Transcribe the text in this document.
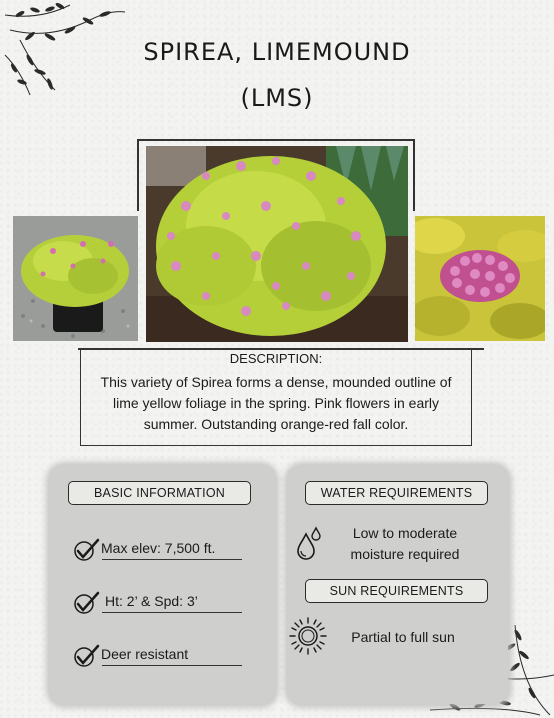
SPIREA, LIMEMOUND
(LMS)
DESCRIPTION:
This variety of Spirea forms a dense, mounded outline of lime yellow foliage in the spring. Pink flowers in early summer. Outstanding orange-red fall color.
BASIC INFORMATION
Max elev: 7,500 ft.
Ht: 2’ & Spd: 3’
Deer resistant
WATER REQUIREMENTS
Low to moderate moisture required
SUN REQUIREMENTS
Partial to full sun
